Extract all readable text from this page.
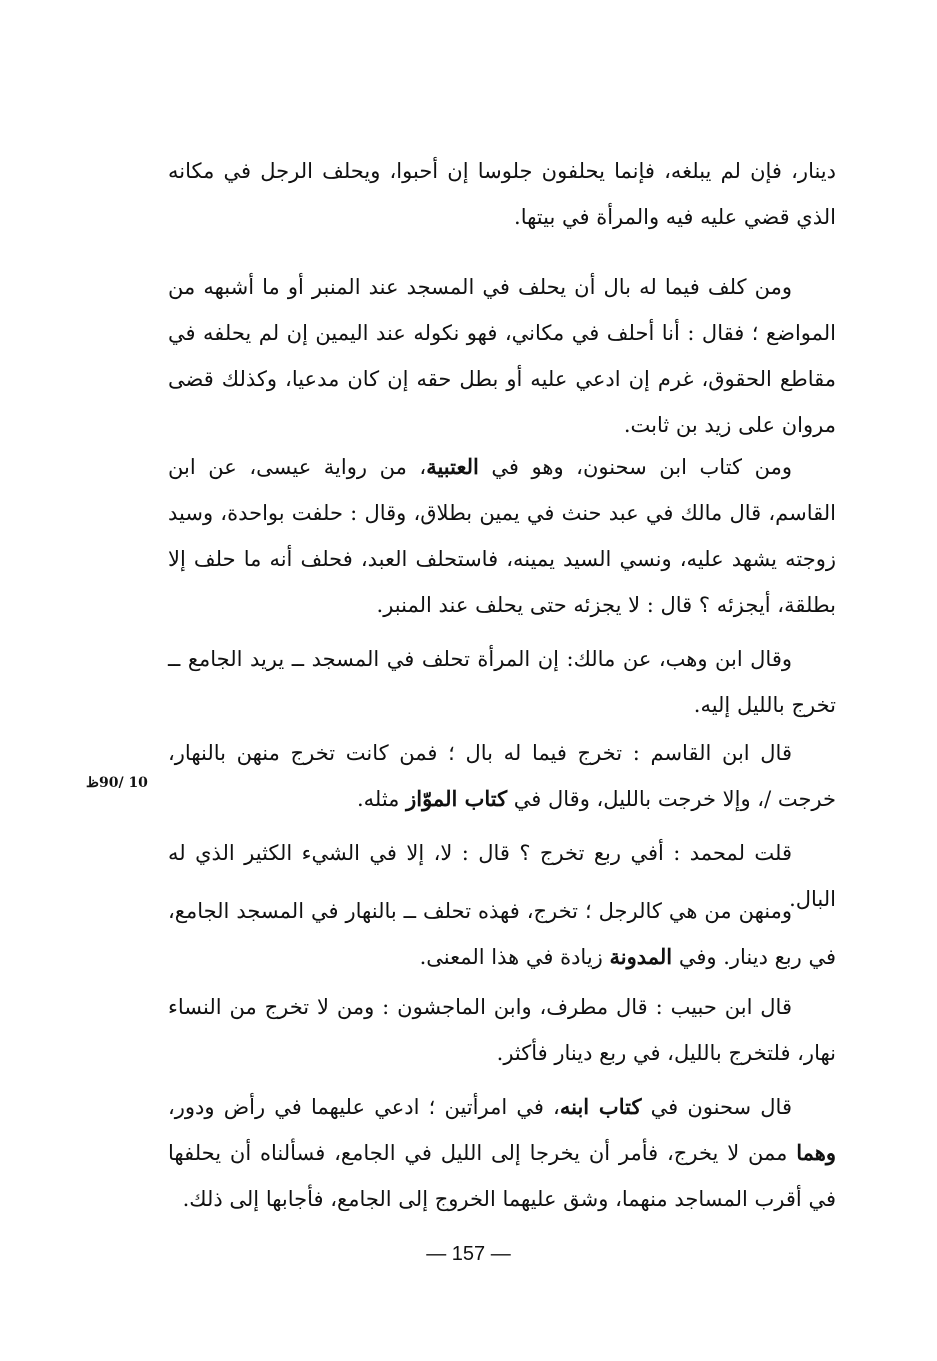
دينار، فإن لم يبلغه، فإنما يحلفون جلوسا إن أحبوا، ويحلف الرجل في مكانه الذي قضي عليه فيه والمرأة في بيتها.

ومن كلف فيما له بال أن يحلف في المسجد عند المنبر أو ما أشبهه من المواضع ؛ فقال : أنا أحلف في مكاني، فهو نكوله عند اليمين إن لم يحلفه في مقاطع الحقوق، غرم إن ادعي عليه أو بطل حقه إن كان مدعيا، وكذلك قضى مروان على زيد بن ثابت.

ومن كتاب ابن سحنون، وهو في العتبية، من رواية عيسى، عن ابن القاسم، قال مالك في عبد حنث في يمين بطلاق، وقال : حلفت بواحدة، وسيد زوجته يشهد عليه، ونسي السيد يمينه، فاستحلف العبد، فحلف أنه ما حلف إلا بطلقة، أيجزئه ؟ قال : لا يجزئه حتى يحلف عند المنبر.

وقال ابن وهب، عن مالك: إن المرأة تحلف في المسجد ــ يريد الجامع ــ تخرج بالليل إليه.

قال ابن القاسم : تخرج فيما له بال ؛ فمن كانت تخرج منهن بالنهار، خرجت /، وإلا خرجت بالليل، وقال في كتاب الموّاز مثله.

10 /90ظ

قلت لمحمد : أفي ربع تخرج ؟ قال : لا، إلا في الشيء الكثير الذي له البال.

ومنهن من هي كالرجل ؛ تخرج، فهذه تحلف ــ بالنهار في المسجد الجامع، في ربع دينار. وفي المدونة زيادة في هذا المعنى.

قال ابن حبيب : قال مطرف، وابن الماجشون : ومن لا تخرج من النساء نهار، فلتخرج بالليل، في ربع دينار فأكثر.

قال سحنون في كتاب ابنه، في امرأتين ؛ ادعي عليهما في رأض ودور، وهما ممن لا يخرج، فأمر أن يخرجا إلى الليل في الجامع، فسألناه أن يحلفها في أقرب المساجد منهما، وشق عليهما الخروج إلى الجامع، فأجابها إلى ذلك.

— 157 —
